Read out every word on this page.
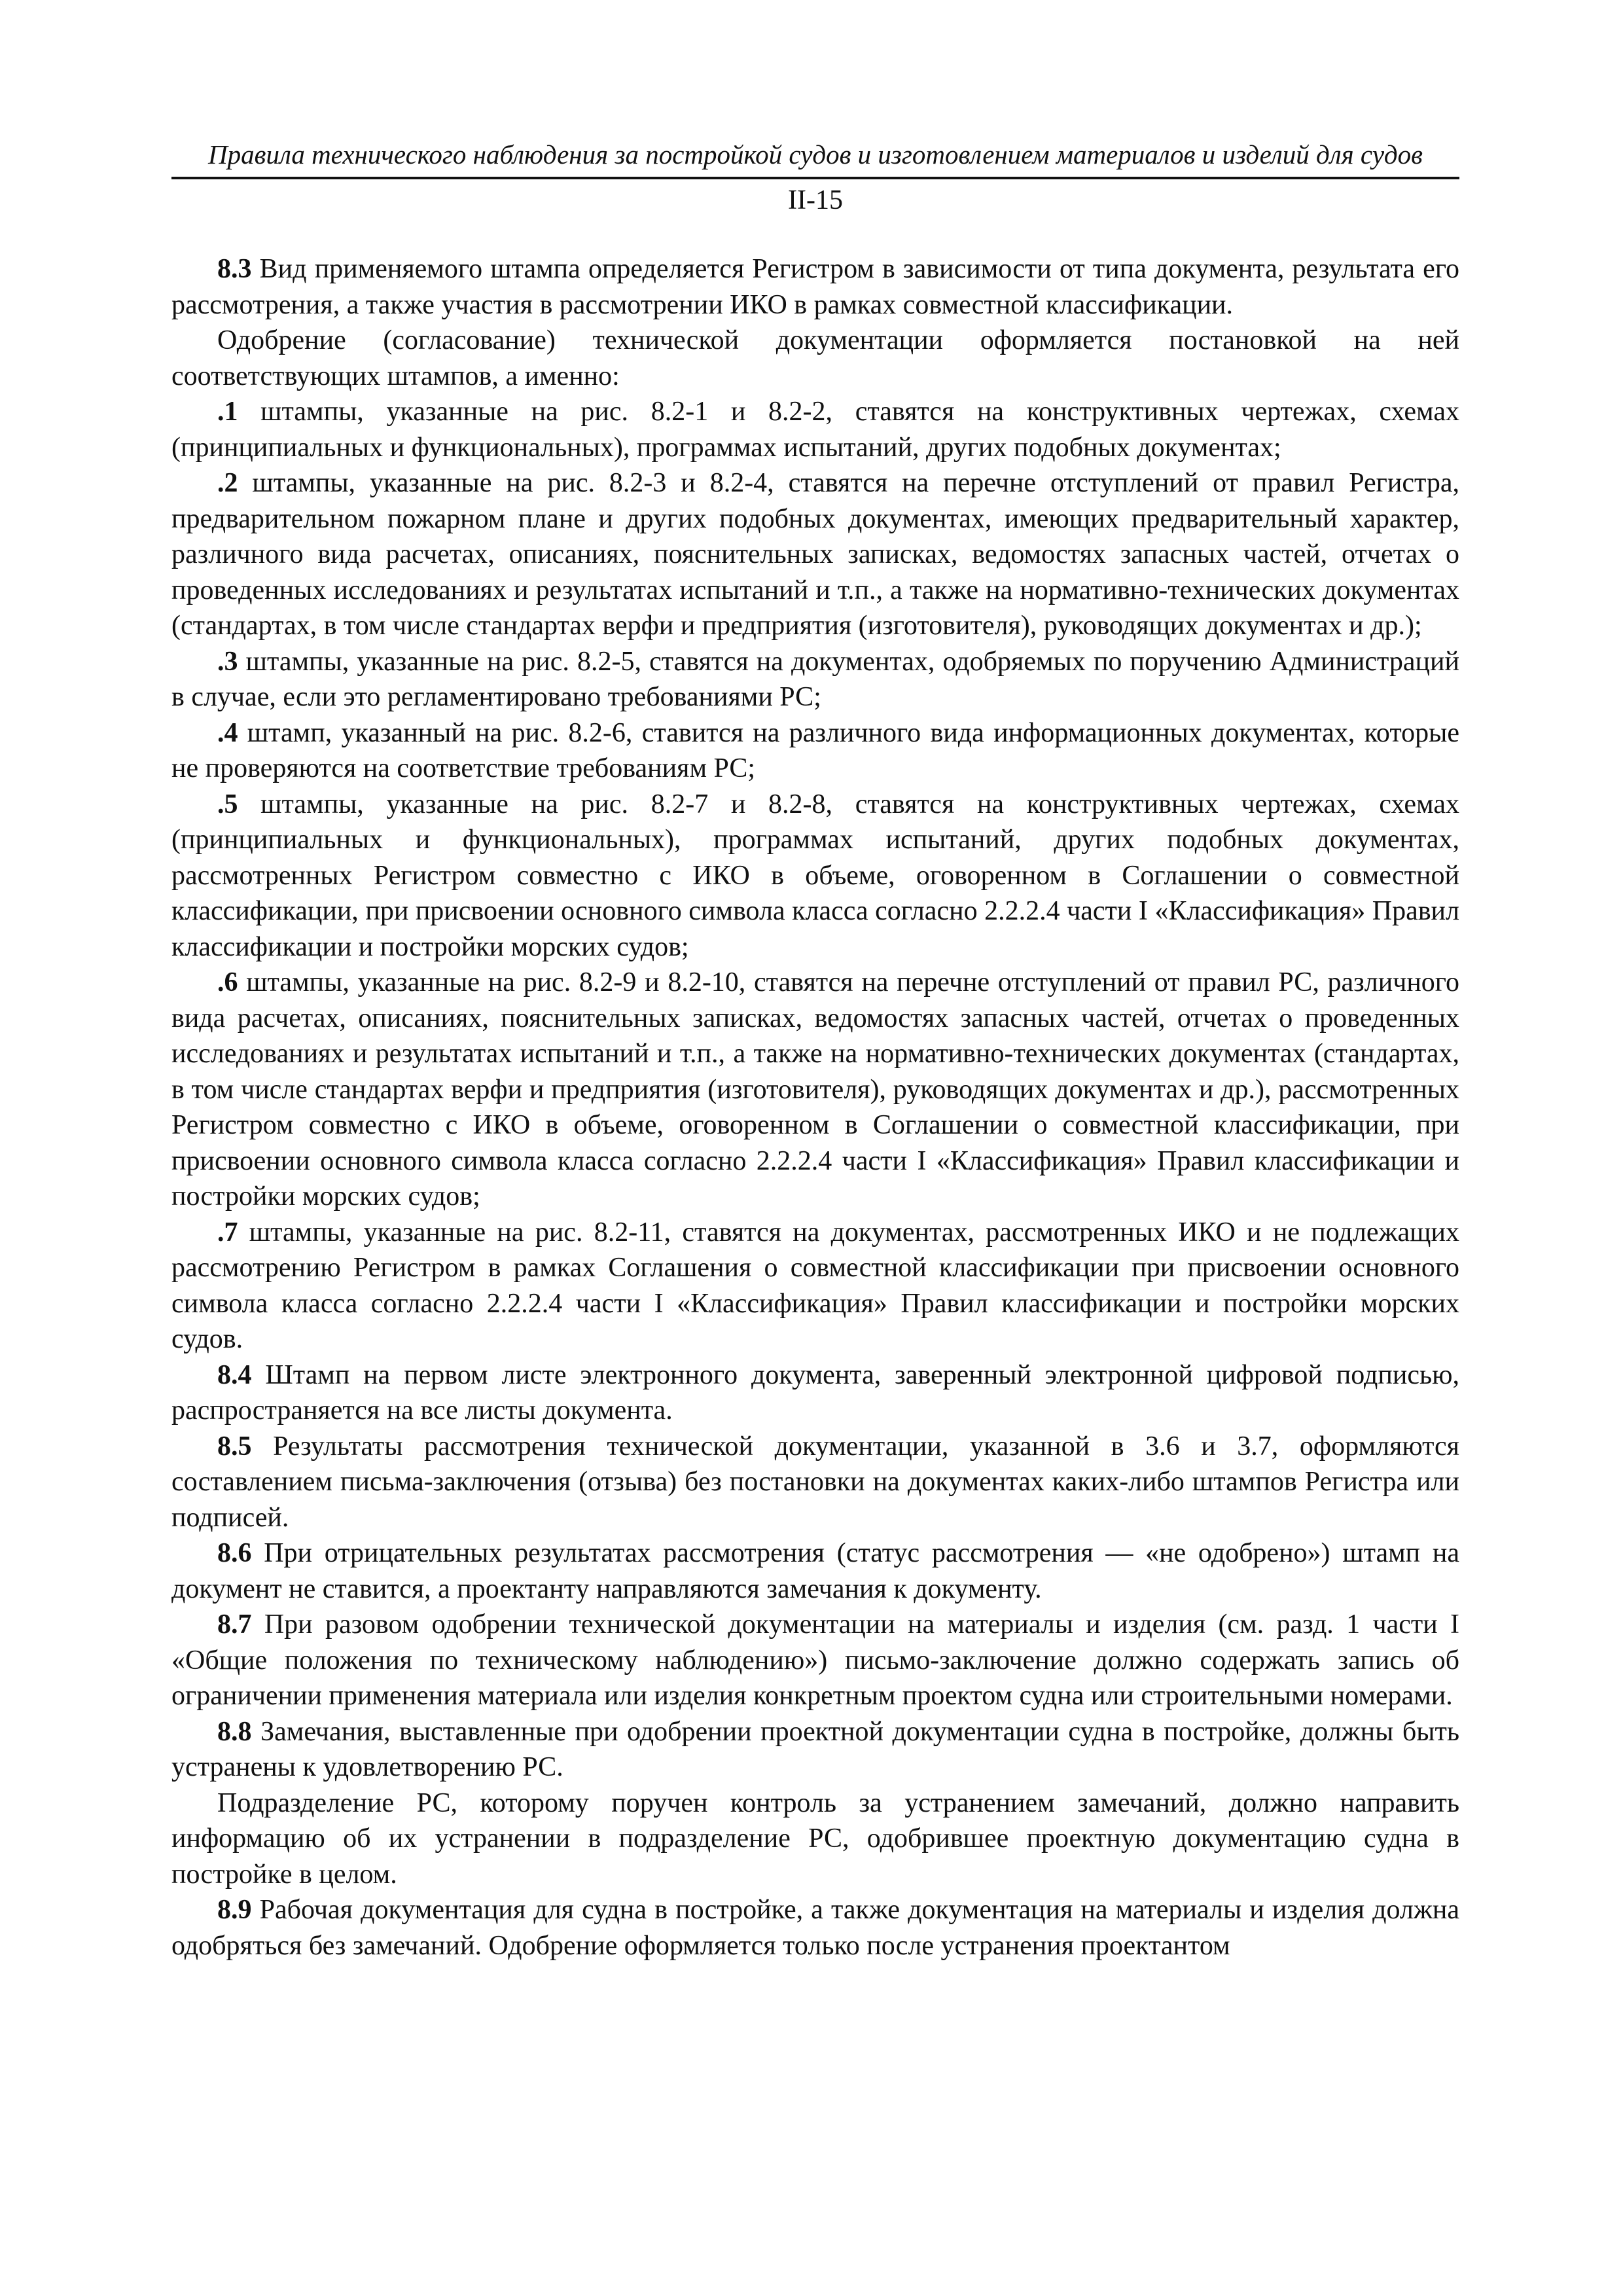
Правила технического наблюдения за постройкой судов и изготовлением материалов и изделий для судов
II-15

8.3 Вид применяемого штампа определяется Регистром в зависимости от типа документа, результата его рассмотрения, а также участия в рассмотрении ИКО в рамках совместной классификации.

Одобрение (согласование) технической документации оформляется постановкой на ней соответствующих штампов, а именно:

.1 штампы, указанные на рис. 8.2-1 и 8.2-2, ставятся на конструктивных чертежах, схемах (принципиальных и функциональных), программах испытаний, других подобных документах;

.2 штампы, указанные на рис. 8.2-3 и 8.2-4, ставятся на перечне отступлений от правил Регистра, предварительном пожарном плане и других подобных документах, имеющих предварительный характер, различного вида расчетах, описаниях, пояснительных записках, ведомостях запасных частей, отчетах о проведенных исследованиях и результатах испытаний и т.п., а также на нормативно-технических документах (стандартах, в том числе стандартах верфи и предприятия (изготовителя), руководящих документах и др.);

.3 штампы, указанные на рис. 8.2-5, ставятся на документах, одобряемых по поручению Администраций в случае, если это регламентировано требованиями РС;

.4 штамп, указанный на рис. 8.2-6, ставится на различного вида информационных документах, которые не проверяются на соответствие требованиям РС;

.5 штампы, указанные на рис. 8.2-7 и 8.2-8, ставятся на конструктивных чертежах, схемах (принципиальных и функциональных), программах испытаний, других подобных документах, рассмотренных Регистром совместно с ИКО в объеме, оговоренном в Соглашении о совместной классификации, при присвоении основного символа класса согласно 2.2.2.4 части I «Классификация» Правил классификации и постройки морских судов;

.6 штампы, указанные на рис. 8.2-9 и 8.2-10, ставятся на перечне отступлений от правил РС, различного вида расчетах, описаниях, пояснительных записках, ведомостях запасных частей, отчетах о проведенных исследованиях и результатах испытаний и т.п., а также на нормативно-технических документах (стандартах, в том числе стандартах верфи и предприятия (изготовителя), руководящих документах и др.), рассмотренных Регистром совместно с ИКО в объеме, оговоренном в Соглашении о совместной классификации, при присвоении основного символа класса согласно 2.2.2.4 части I «Классификация» Правил классификации и постройки морских судов;

.7 штампы, указанные на рис. 8.2-11, ставятся на документах, рассмотренных ИКО и не подлежащих рассмотрению Регистром в рамках Соглашения о совместной классификации при присвоении основного символа класса согласно 2.2.2.4 части I «Классификация» Правил классификации и постройки морских судов.

8.4 Штамп на первом листе электронного документа, заверенный электронной цифровой подписью, распространяется на все листы документа.

8.5 Результаты рассмотрения технической документации, указанной в 3.6 и 3.7, оформляются составлением письма-заключения (отзыва) без постановки на документах каких-либо штампов Регистра или подписей.

8.6 При отрицательных результатах рассмотрения (статус рассмотрения — «не одобрено») штамп на документ не ставится, а проектанту направляются замечания к документу.

8.7 При разовом одобрении технической документации на материалы и изделия (см. разд. 1 части I «Общие положения по техническому наблюдению») письмо-заключение должно содержать запись об ограничении применения материала или изделия конкретным проектом судна или строительными номерами.

8.8 Замечания, выставленные при одобрении проектной документации судна в постройке, должны быть устранены к удовлетворению РС.

Подразделение РС, которому поручен контроль за устранением замечаний, должно направить информацию об их устранении в подразделение РС, одобрившее проектную документацию судна в постройке в целом.

8.9 Рабочая документация для судна в постройке, а также документация на материалы и изделия должна одобряться без замечаний. Одобрение оформляется только после устранения проектантом
